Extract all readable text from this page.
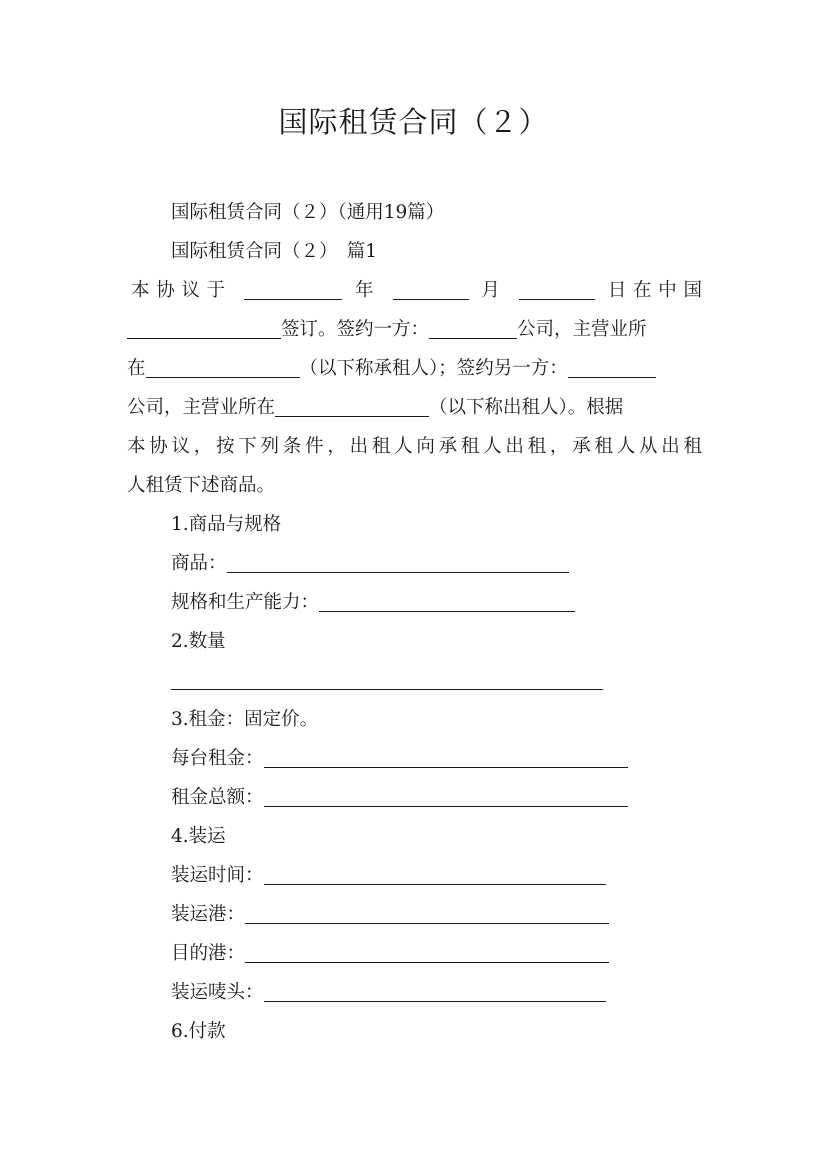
国际租赁合同（２）
国际租赁合同（２）（通用19篇）
国际租赁合同（２）　篇1
本协议于	年	月	日在中国
签订。签约一方：	公司，主营业所
在	（以下称承租人）；签约另一方：
公司，主营业所在	（以下称出租人）。根据
本协议，按下列条件，出租人向承租人出租，承租人从出租
人租赁下述商品。
1.商品与规格
商品：
规格和生产能力：
2.数量
3.租金：固定价。
每台租金：
租金总额：
4.装运
装运时间：
装运港：
目的港：
装运唛头：
6.付款
